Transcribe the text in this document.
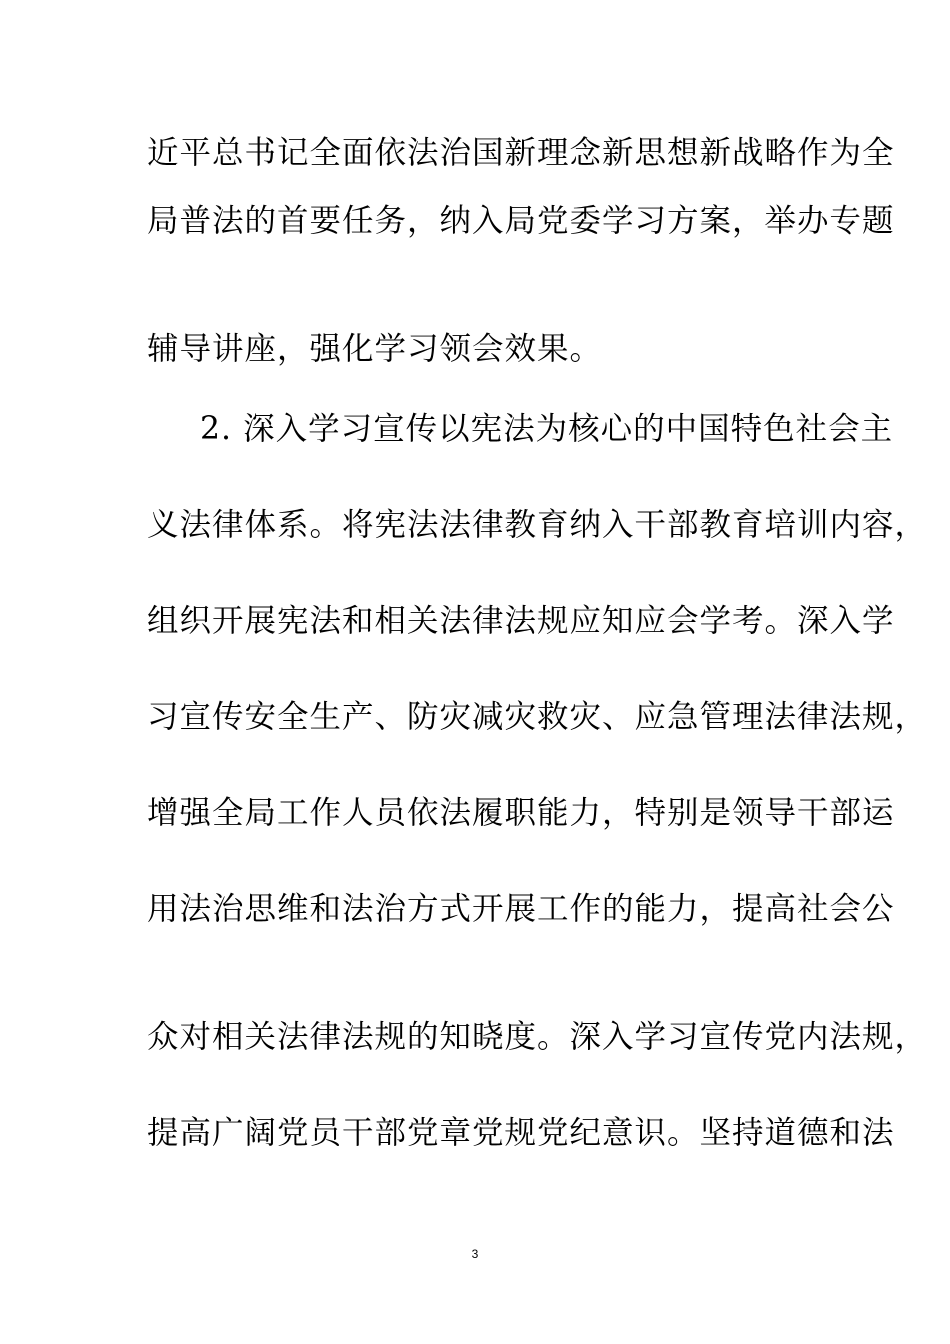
近平总书记全面依法治国新理念新思想新战略作为全
局普法的首要任务，纳入局党委学习方案，举办专题
辅导讲座，强化学习领会效果。
2. 深入学习宣传以宪法为核心的中国特色社会主
义法律体系。将宪法法律教育纳入干部教育培训内容，
组织开展宪法和相关法律法规应知应会学考。深入学
习宣传安全生产、防灾减灾救灾、应急管理法律法规，
增强全局工作人员依法履职能力，特别是领导干部运
用法治思维和法治方式开展工作的能力，提高社会公
众对相关法律法规的知晓度。深入学习宣传党内法规，
提高广阔党员干部党章党规党纪意识。坚持道德和法
3
